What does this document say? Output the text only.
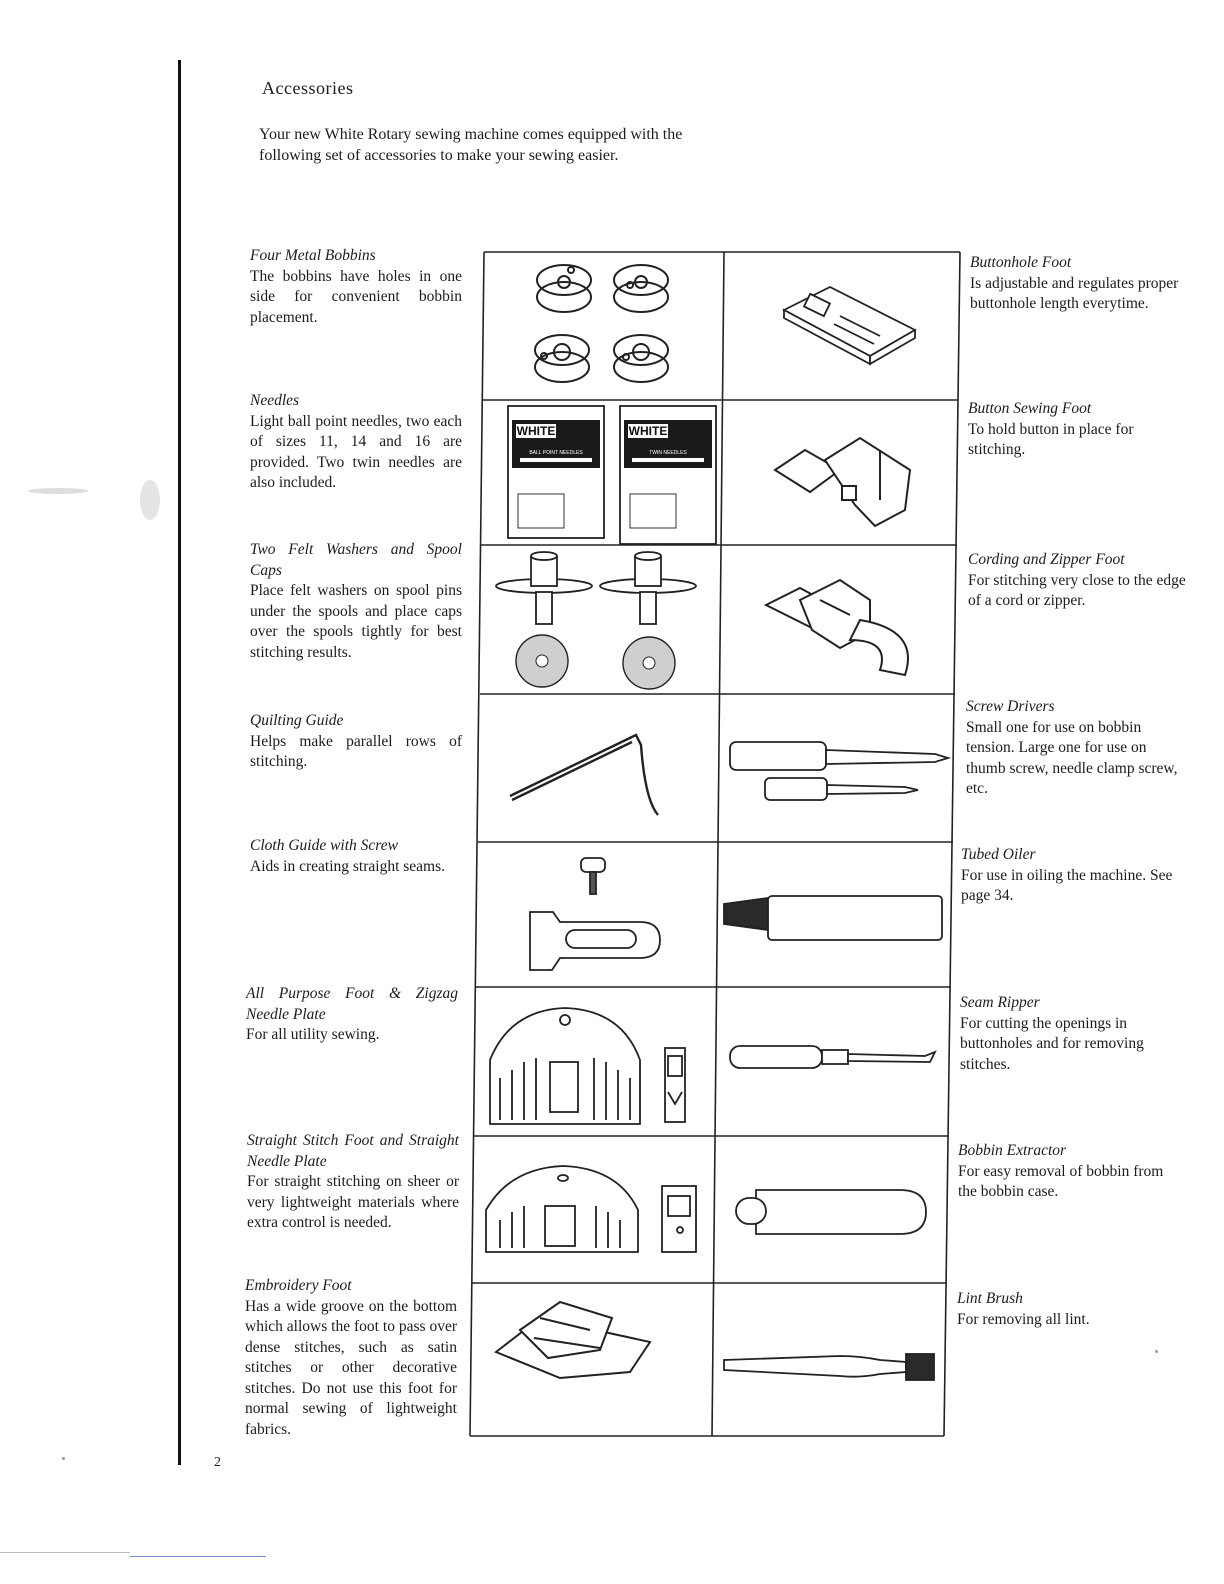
Accessories
Your new White Rotary sewing machine comes equipped with the following set of accessories to make your sewing easier.
Four Metal Bobbins
The bobbins have holes in one side for convenient bobbin placement.
Needles
Light ball point needles, two each of sizes 11, 14 and 16 are provided. Two twin needles are also included.
Two Felt Washers and Spool Caps
Place felt washers on spool pins under the spools and place caps over the spools tightly for best stitching results.
Quilting Guide
Helps make parallel rows of stitching.
Cloth Guide with Screw
Aids in creating straight seams.
All Purpose Foot & Zigzag Needle Plate
For all utility sewing.
Straight Stitch Foot and Straight Needle Plate
For straight stitching on sheer or very lightweight materials where extra control is needed.
Embroidery Foot
Has a wide groove on the bottom which allows the foot to pass over dense stitches, such as satin stitches or other decorative stitches. Do not use this foot for normal sewing of lightweight fabrics.
Buttonhole Foot
Is adjustable and regulates proper buttonhole length everytime.
Button Sewing Foot
To hold button in place for stitching.
Cording and Zipper Foot
For stitching very close to the edge of a cord or zipper.
Screw Drivers
Small one for use on bobbin tension. Large one for use on thumb screw, needle clamp screw, etc.
Tubed Oiler
For use in oiling the machine. See page 34.
Seam Ripper
For cutting the openings in buttonholes and for removing stitches.
Bobbin Extractor
For easy removal of bobbin from the bobbin case.
Lint Brush
For removing all lint.
WHITE
BALL POINT NEEDLES
WHITE
TWIN NEEDLES
2
